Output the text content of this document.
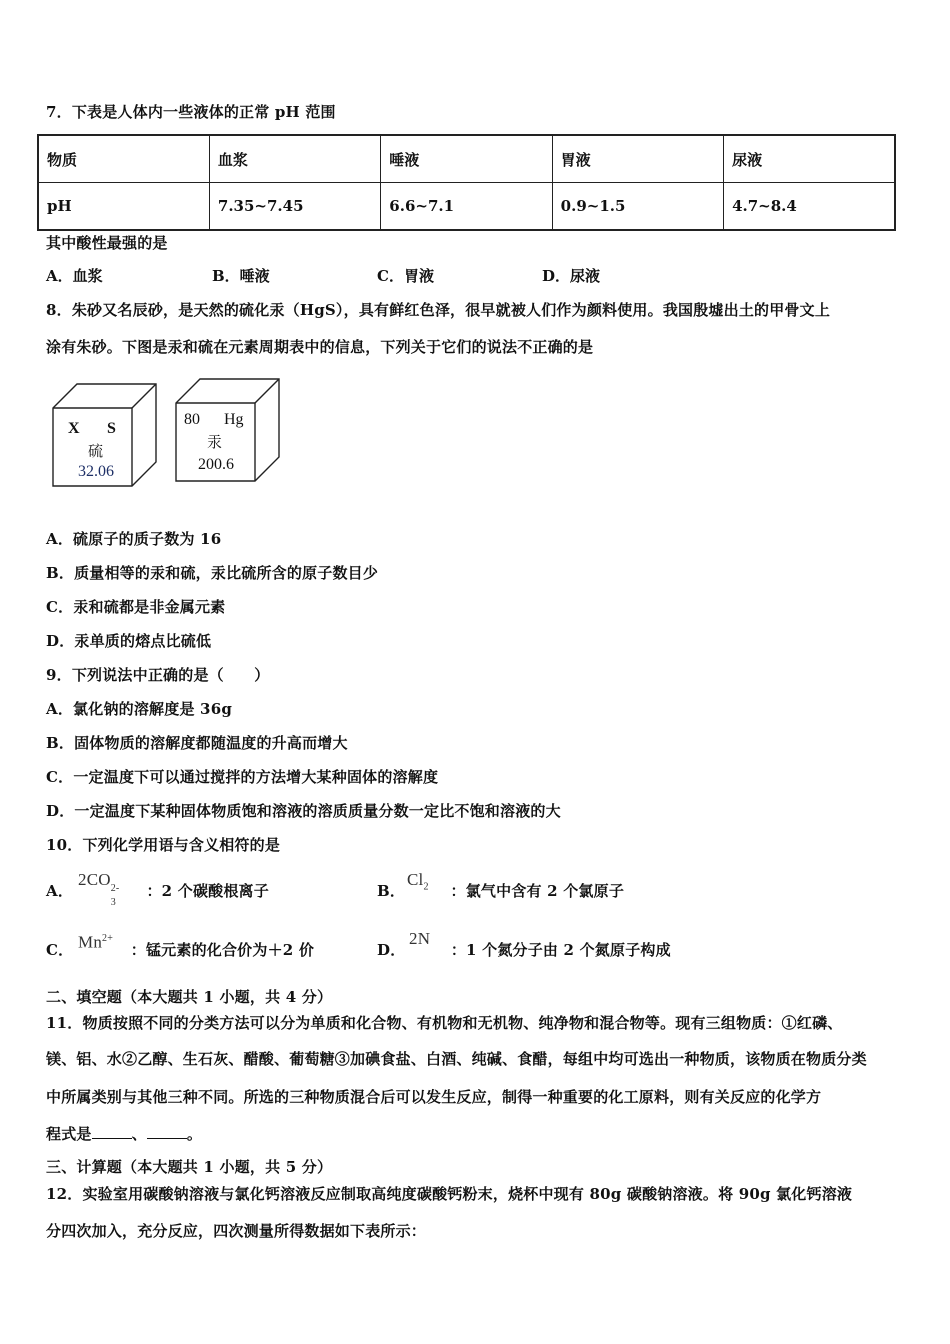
7．下表是人体内一些液体的正常 pH 范围
物质	血浆	唾液	胃液	尿液
pH	7.35~7.45	6.6~7.1	0.9~1.5	4.7~8.4
其中酸性最强的是
A．血浆	B．唾液	C．胃液	D．尿液
8．朱砂又名辰砂，是天然的硫化汞（HgS），具有鲜红色泽，很早就被人们作为颜料使用。我国殷墟出土的甲骨文上
涂有朱砂。下图是汞和硫在元素周期表中的信息，下列关于它们的说法不正确的是
X S
硫
32.06
80 Hg
汞
200.6
A．硫原子的质子数为 16
B．质量相等的汞和硫，汞比硫所含的原子数目少
C．汞和硫都是非金属元素
D．汞单质的熔点比硫低
9．下列说法中正确的是（　　）
A．氯化钠的溶解度是 36g
B．固体物质的溶解度都随温度的升高而增大
C．一定温度下可以通过搅拌的方法增大某种固体的溶解度
D．一定温度下某种固体物质饱和溶液的溶质质量分数一定比不饱和溶液的大
10．下列化学用语与含义相符的是
A．
2CO 2-
3
：2 个碳酸根离子	B．
$Cl_2$ ：氯气中含有 2 个氯原子
C． $Mn^{2+}$
：锰元素的化合价为＋2 价	D．
2N
：1 个氮分子由 2 个氮原子构成
二、填空题（本大题共 1 小题，共 4 分）
11．物质按照不同的分类方法可以分为单质和化合物、有机物和无机物、纯净物和混合物等。现有三组物质：①红磷、
镁、铝、水②乙醇、生石灰、醋酸、葡萄糖③加碘食盐、白酒、纯碱、食醋，每组中均可选出一种物质，该物质在物质分类
中所属类别与其他三种不同。所选的三种物质混合后可以发生反应，制得一种重要的化工原料，则有关反应的化学方
程式是	、	。
三、计算题（本大题共 1 小题，共 5 分）
12．实验室用碳酸钠溶液与氯化钙溶液反应制取高纯度碳酸钙粉末，烧杯中现有 80g 碳酸钠溶液。将 90g 氯化钙溶液
分四次加入，充分反应，四次测量所得数据如下表所示：
